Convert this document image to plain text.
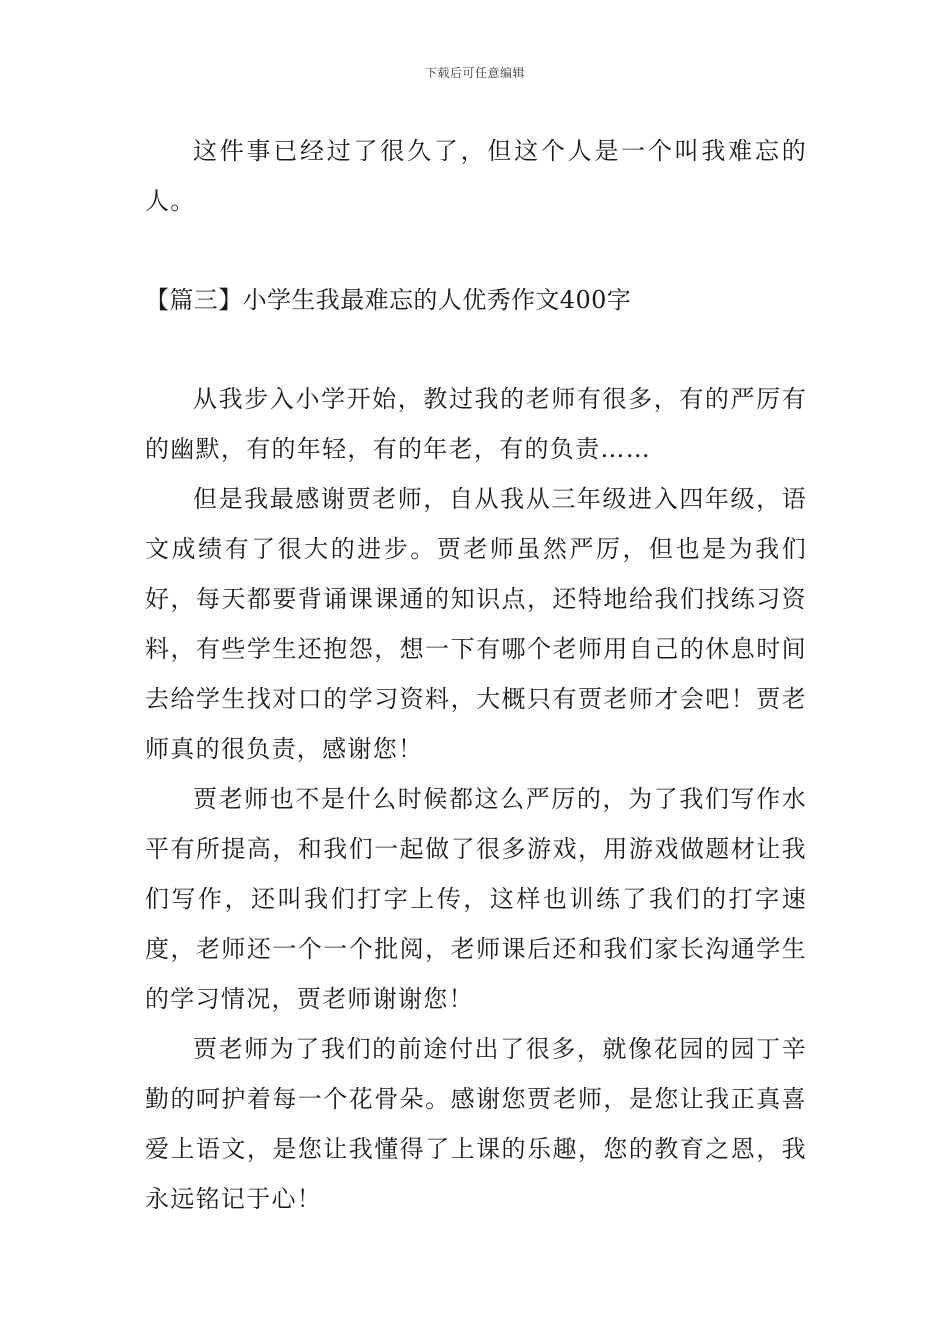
下载后可任意编辑

这件事已经过了很久了，但这个人是一个叫我难忘的人。

【篇三】小学生我最难忘的人优秀作文400字

从我步入小学开始，教过我的老师有很多，有的严厉有的幽默，有的年轻，有的年老，有的负责……

但是我最感谢贾老师，自从我从三年级进入四年级，语文成绩有了很大的进步。贾老师虽然严厉，但也是为我们好，每天都要背诵课课通的知识点，还特地给我们找练习资料，有些学生还抱怨，想一下有哪个老师用自己的休息时间去给学生找对口的学习资料，大概只有贾老师才会吧！贾老师真的很负责，感谢您！

贾老师也不是什么时候都这么严厉的，为了我们写作水平有所提高，和我们一起做了很多游戏，用游戏做题材让我们写作，还叫我们打字上传，这样也训练了我们的打字速度，老师还一个一个批阅，老师课后还和我们家长沟通学生的学习情况，贾老师谢谢您！

贾老师为了我们的前途付出了很多，就像花园的园丁辛勤的呵护着每一个花骨朵。感谢您贾老师，是您让我正真喜爱上语文，是您让我懂得了上课的乐趣，您的教育之恩，我永远铭记于心！
